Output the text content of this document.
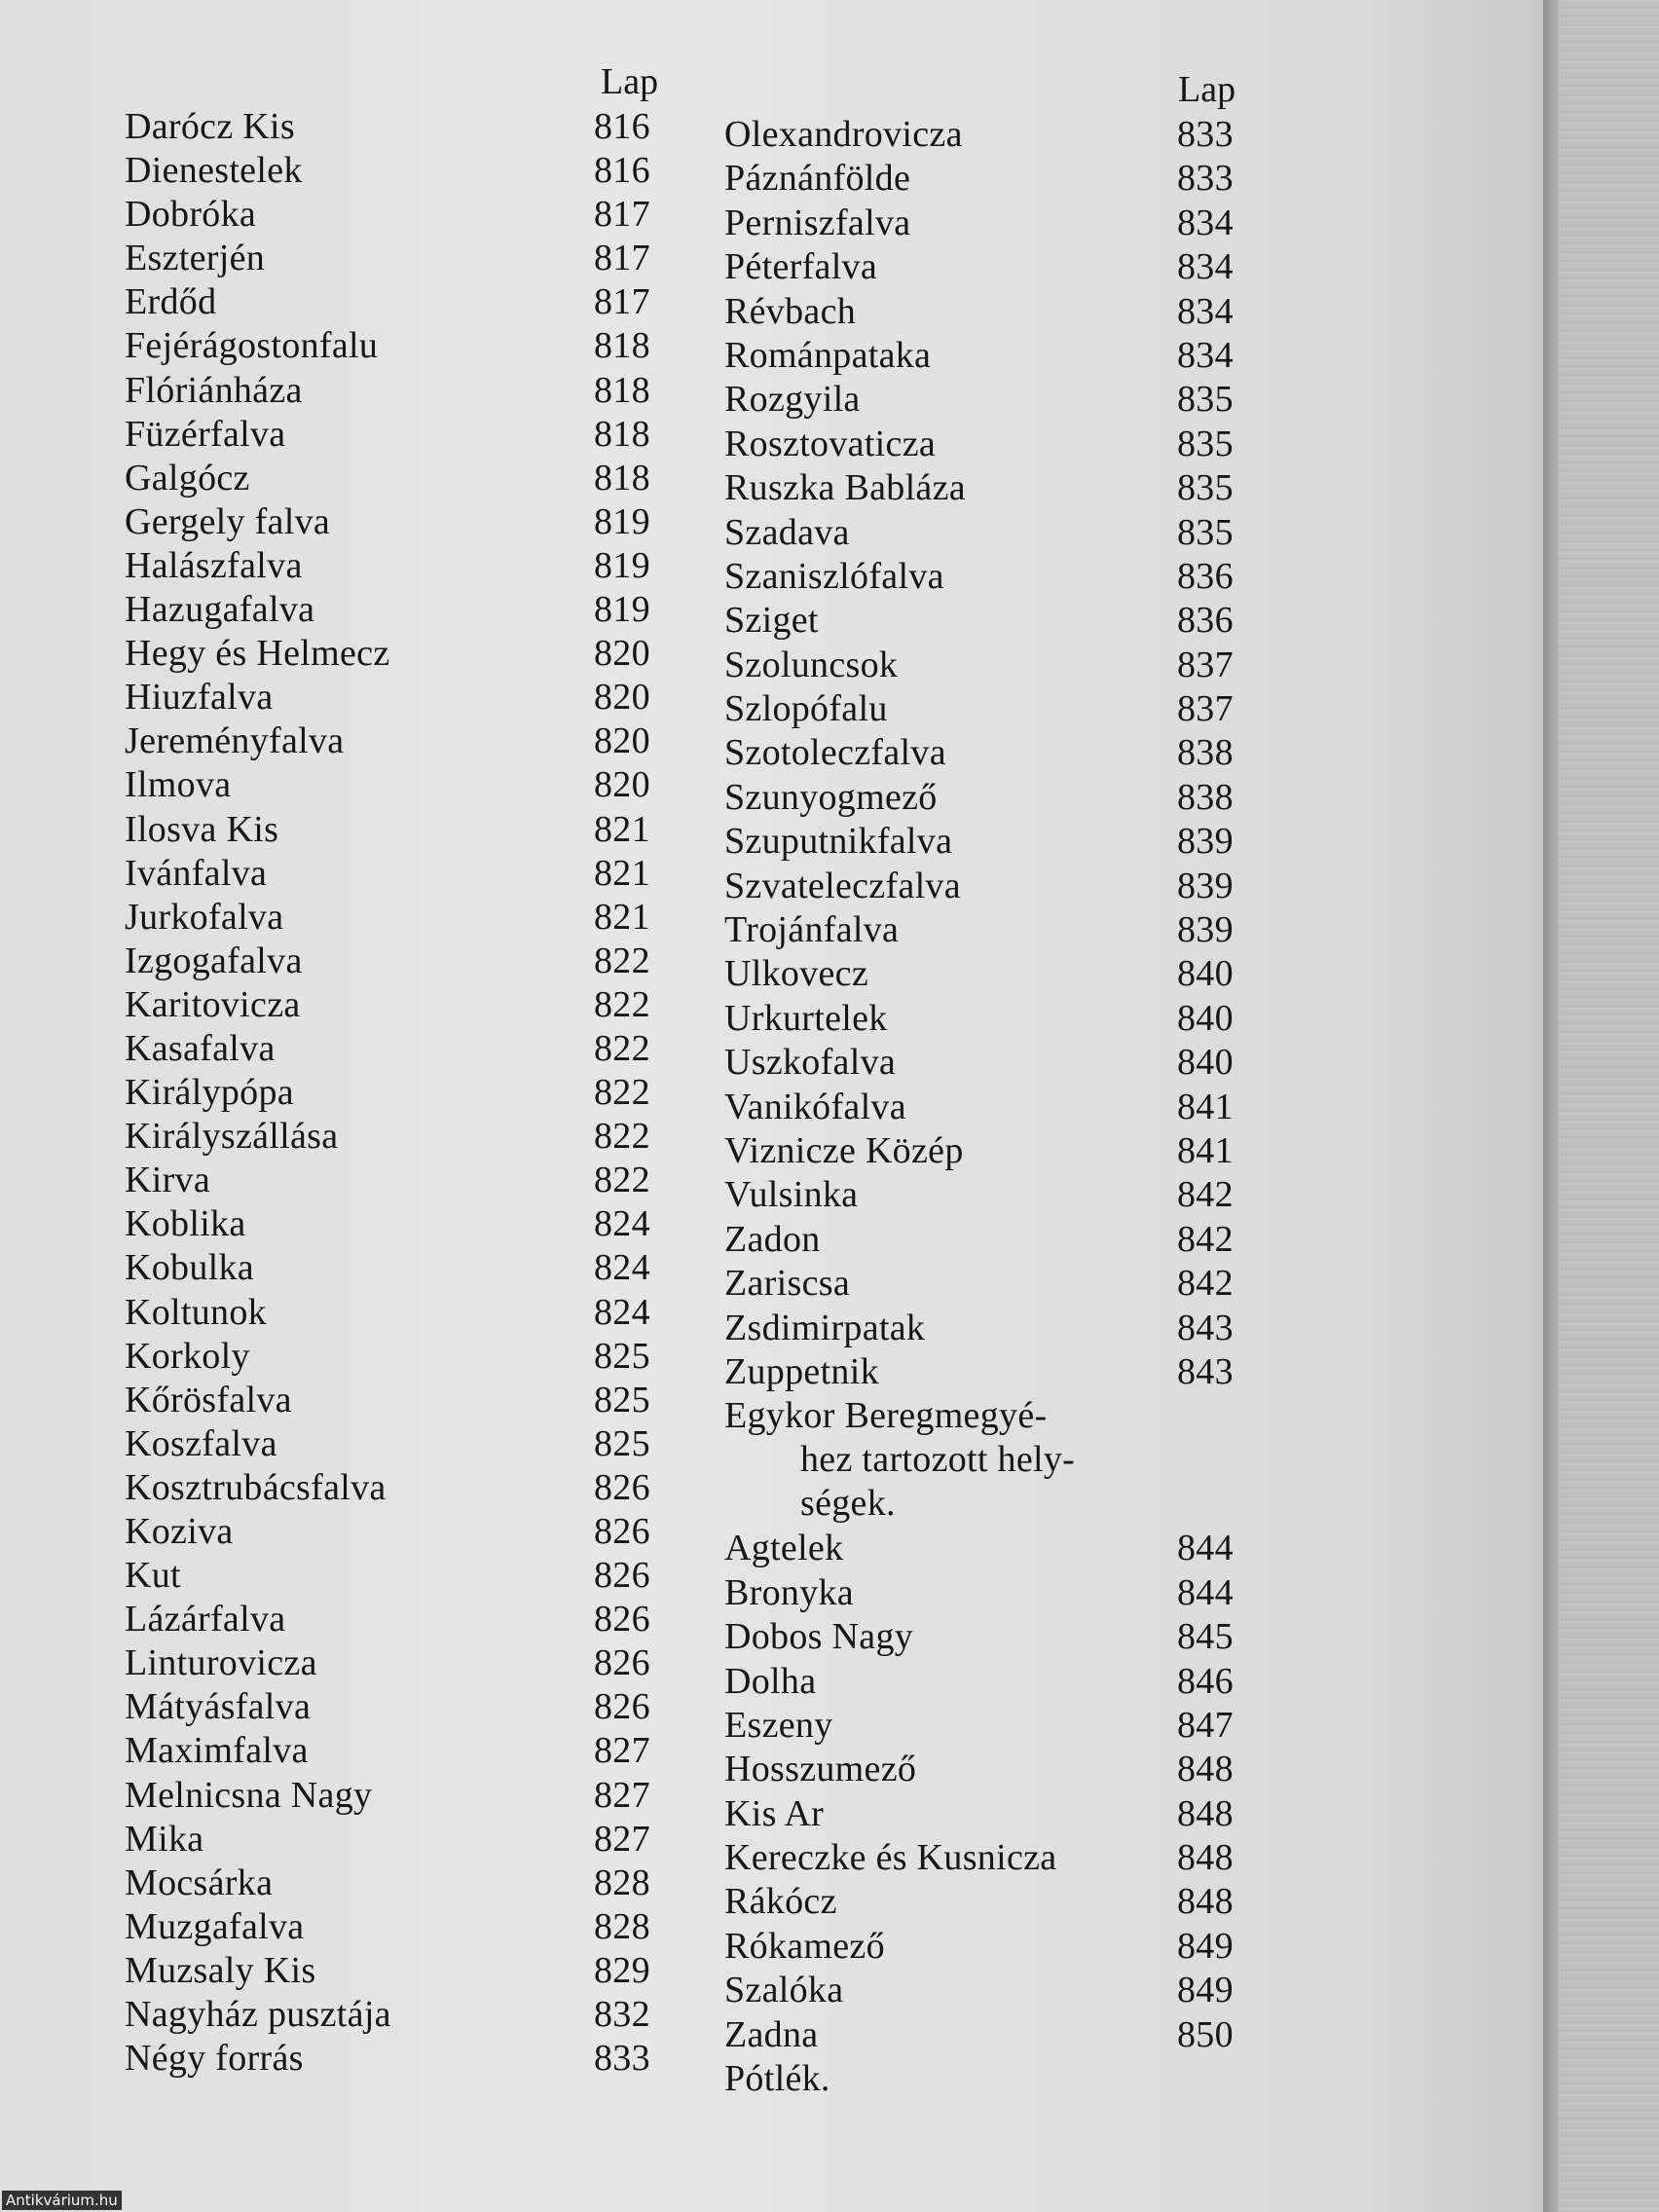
Lap	Lap
Darócz Kis	816
Dienestelek	816
Dobróka	817
Eszterjén	817
Erdőd	817
Fejérágostonfalu	818
Flóriánháza	818
Füzérfalva	818
Galgócz	818
Gergely falva	819
Halászfalva	819
Hazugafalva	819
Hegy és Helmecz	820
Hiuzfalva	820
Jereményfalva	820
Ilmova	820
Ilosva Kis	821
Ivánfalva	821
Jurkofalva	821
Izgogafalva	822
Karitovicza	822
Kasafalva	822
Királypópa	822
Királyszállása	822
Kirva	822
Koblika	824
Kobulka	824
Koltunok	824
Korkoly	825
Kőrösfalva	825
Koszfalva	825
Kosztrubácsfalva	826
Koziva	826
Kut	826
Lázárfalva	826
Linturovicza	826
Mátyásfalva	826
Maximfalva	827
Melnicsna Nagy	827
Mika	827
Mocsárka	828
Muzgafalva	828
Muzsaly Kis	829
Nagyház pusztája	832
Négy forrás	833
Olexandrovicza	833
Páznánfölde	833
Perniszfalva	834
Péterfalva	834
Révbach	834
Románpataka	834
Rozgyila	835
Rosztovaticza	835
Ruszka Babláza	835
Szadava	835
Szaniszlófalva	836
Sziget	836
Szoluncsok	837
Szlopófalu	837
Szotoleczfalva	838
Szunyogmező	838
Szuputnikfalva	839
Szvateleczfalva	839
Trojánfalva	839
Ulkovecz	840
Urkurtelek	840
Uszkofalva	840
Vanikófalva	841
Viznicze Közép	841
Vulsinka	842
Zadon	842
Zariscsa	842
Zsdimirpatak	843
Zuppetnik	843
Egykor Beregmegyé-
hez tartozott hely-
ségek.
Agtelek	844
Bronyka	844
Dobos Nagy	845
Dolha	846
Eszeny	847
Hosszumező	848
Kis Ar	848
Kereczke és Kusnicza	848
Rákócz	848
Rókamező	849
Szalóka	849
Zadna	850
Pótlék.
Antikvárium.hu
